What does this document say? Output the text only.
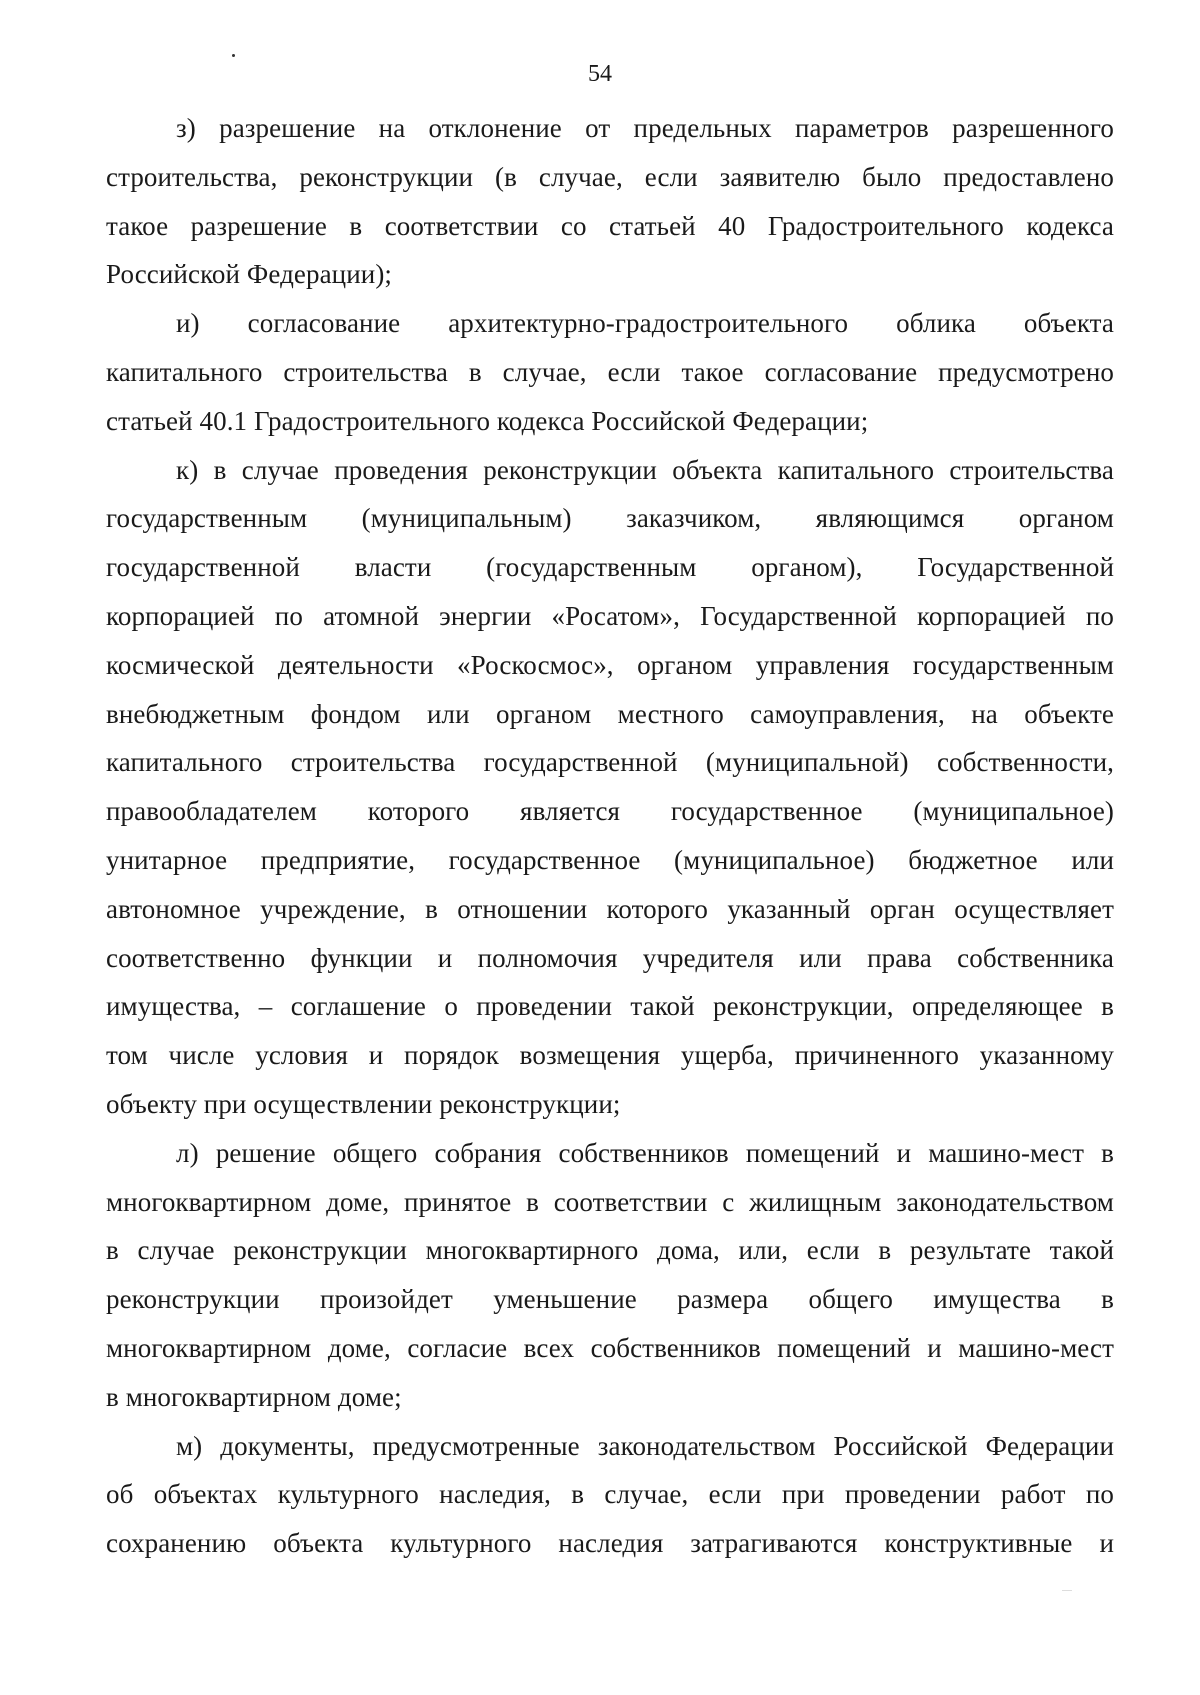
54
з) разрешение на отклонение от предельных параметров разрешенного
строительства, реконструкции (в случае, если заявителю было предоставлено
такое разрешение в соответствии со статьей 40 Градостроительного кодекса
Российской Федерации);
и) согласование архитектурно-градостроительного облика объекта
капитального строительства в случае, если такое согласование предусмотрено
статьей 40.1 Градостроительного кодекса Российской Федерации;
к) в случае проведения реконструкции объекта капитального строительства
государственным (муниципальным) заказчиком, являющимся органом
государственной власти (государственным органом), Государственной
корпорацией по атомной энергии «Росатом», Государственной корпорацией по
космической деятельности «Роскосмос», органом управления государственным
внебюджетным фондом или органом местного самоуправления, на объекте
капитального строительства государственной (муниципальной) собственности,
правообладателем которого является государственное (муниципальное)
унитарное предприятие, государственное (муниципальное) бюджетное или
автономное учреждение, в отношении которого указанный орган осуществляет
соответственно функции и полномочия учредителя или права собственника
имущества, – соглашение о проведении такой реконструкции, определяющее в
том числе условия и порядок возмещения ущерба, причиненного указанному
объекту при осуществлении реконструкции;
л) решение общего собрания собственников помещений и машино-мест в
многоквартирном доме, принятое в соответствии с жилищным законодательством
в случае реконструкции многоквартирного дома, или, если в результате такой
реконструкции произойдет уменьшение размера общего имущества в
многоквартирном доме, согласие всех собственников помещений и машино-мест
в многоквартирном доме;
м) документы, предусмотренные законодательством Российской Федерации
об объектах культурного наследия, в случае, если при проведении работ по
сохранению объекта культурного наследия затрагиваются конструктивные и
